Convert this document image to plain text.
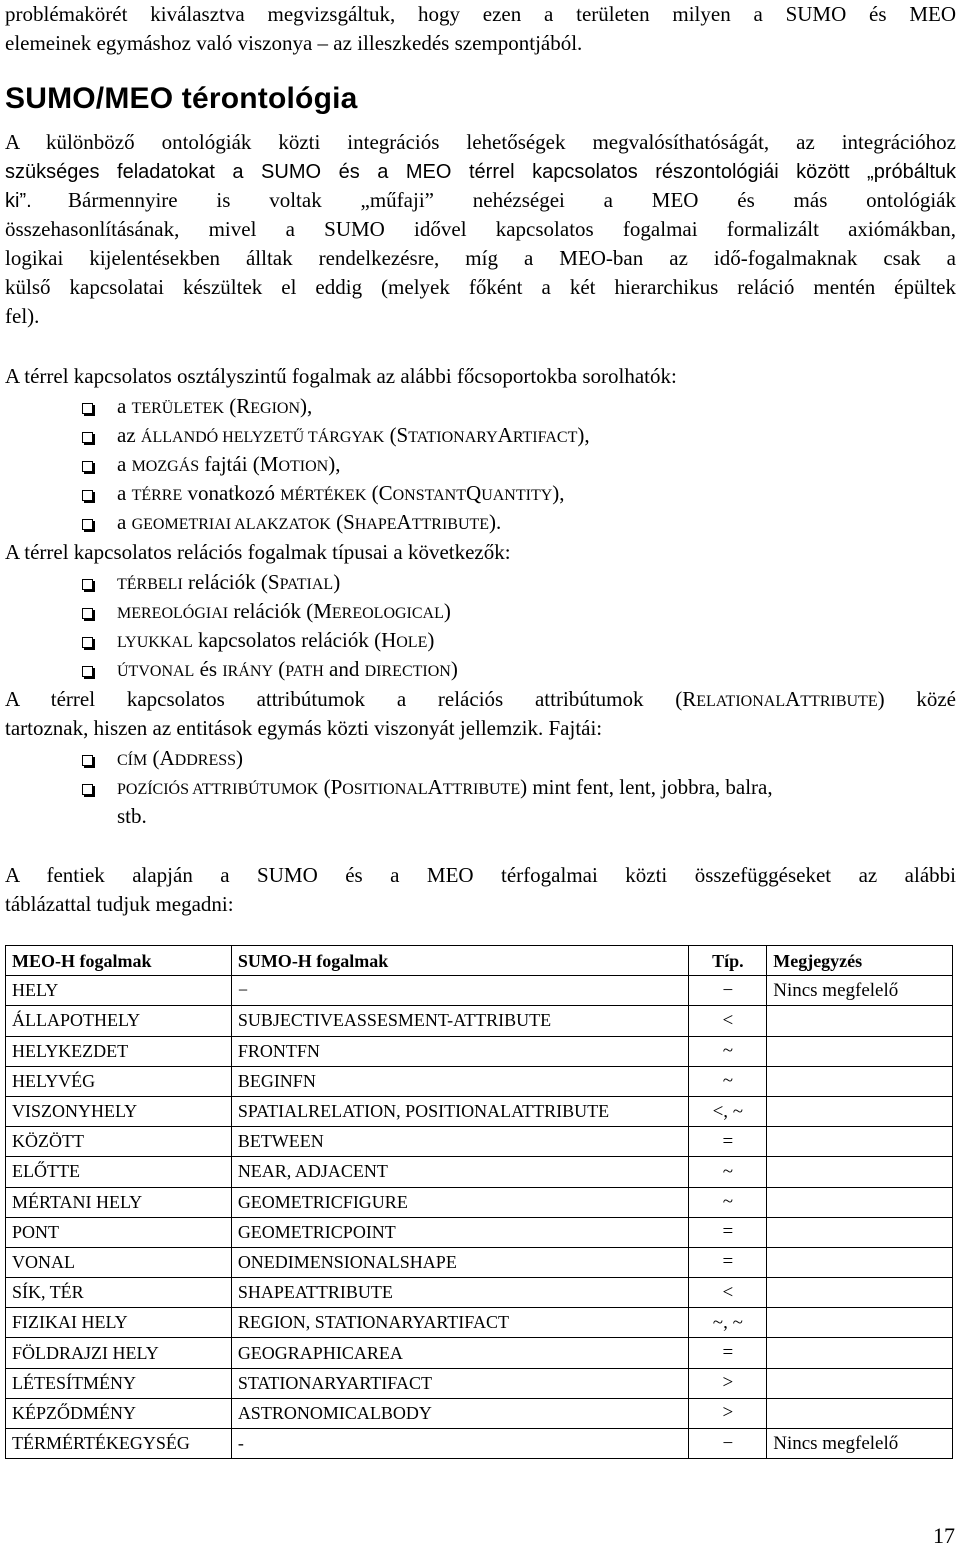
problémakörét kiválasztva megvizsgáltuk, hogy ezen a területen milyen a SUMO és MEO
elemeinek egymáshoz való viszonya – az illeszkedés szempontjából.
SUMO/MEO térontológia
A különböző ontológiák közti integrációs lehetőségek megvalósíthatóságát, az integrációhoz
szükséges feladatokat a SUMO és a MEO térrel kapcsolatos részontológiái között „próbáltuk
ki”. Bármennyire is voltak „műfaji” nehézségei a MEO és más ontológiák
összehasonlításának, mivel a SUMO idővel kapcsolatos fogalmai formalizált axiómákban,
logikai kijelentésekben álltak rendelkezésre, míg a MEO-ban az idő-fogalmaknak csak a
külső kapcsolatai készültek el eddig (melyek főként a két hierarchikus reláció mentén épültek
fel).
A térrel kapcsolatos osztályszintű fogalmak az alábbi főcsoportokba sorolhatók:
a TERÜLETEK (REGION),
az ÁLLANDÓ HELYZETŰ TÁRGYAK (STATIONARYARTIFACT),
a MOZGÁS fajtái (MOTION),
a TÉRRE vonatkozó MÉRTÉKEK (CONSTANTQUANTITY),
a GEOMETRIAI ALAKZATOK (SHAPEATTRIBUTE).
A térrel kapcsolatos relációs fogalmak típusai a következők:
TÉRBELI relációk (SPATIAL)
MEREOLÓGIAI relációk (MEREOLOGICAL)
LYUKKAL kapcsolatos relációk (HOLE)
ÚTVONAL és IRÁNY (PATH and DIRECTION)
A térrel kapcsolatos attribútumok a relációs attribútumok (RELATIONALATTRIBUTE) közé
tartoznak, hiszen az entitások egymás közti viszonyát jellemzik. Fajtái:
CÍM (ADDRESS)
POZÍCIÓS ATTRIBÚTUMOK (POSITIONALATTRIBUTE) mint fent, lent, jobbra, balra,
stb.
A fentiek alapján a SUMO és a MEO térfogalmai közti összefüggéseket az alábbi
táblázattal tudjuk megadni:
MEO-H fogalmak	SUMO-H fogalmak	Típ.	Megjegyzés
HELY	−	−	Nincs megfelelő
ÁLLAPOTHELY	SUBJECTIVEASSESMENT-ATTRIBUTE	<	
HELYKEZDET	FRONTFN	~	
HELYVÉG	BEGINFN	~	
VISZONYHELY	SPATIALRELATION, POSITIONALATTRIBUTE	<, ~	
KÖZÖTT	BETWEEN	=	
ELŐTTE	NEAR, ADJACENT	~	
MÉRTANI HELY	GEOMETRICFIGURE	~	
PONT	GEOMETRICPOINT	=	
VONAL	ONEDIMENSIONALSHAPE	=	
SÍK, TÉR	SHAPEATTRIBUTE	<	
FIZIKAI HELY	REGION, STATIONARYARTIFACT	~, ~	
FÖLDRAJZI HELY	GEOGRAPHICAREA	=	
LÉTESÍTMÉNY	STATIONARYARTIFACT	>	
KÉPZŐDMÉNY	ASTRONOMICALBODY	>	
TÉRMÉRTÉKEGYSÉG	-	−	Nincs megfelelő
17
